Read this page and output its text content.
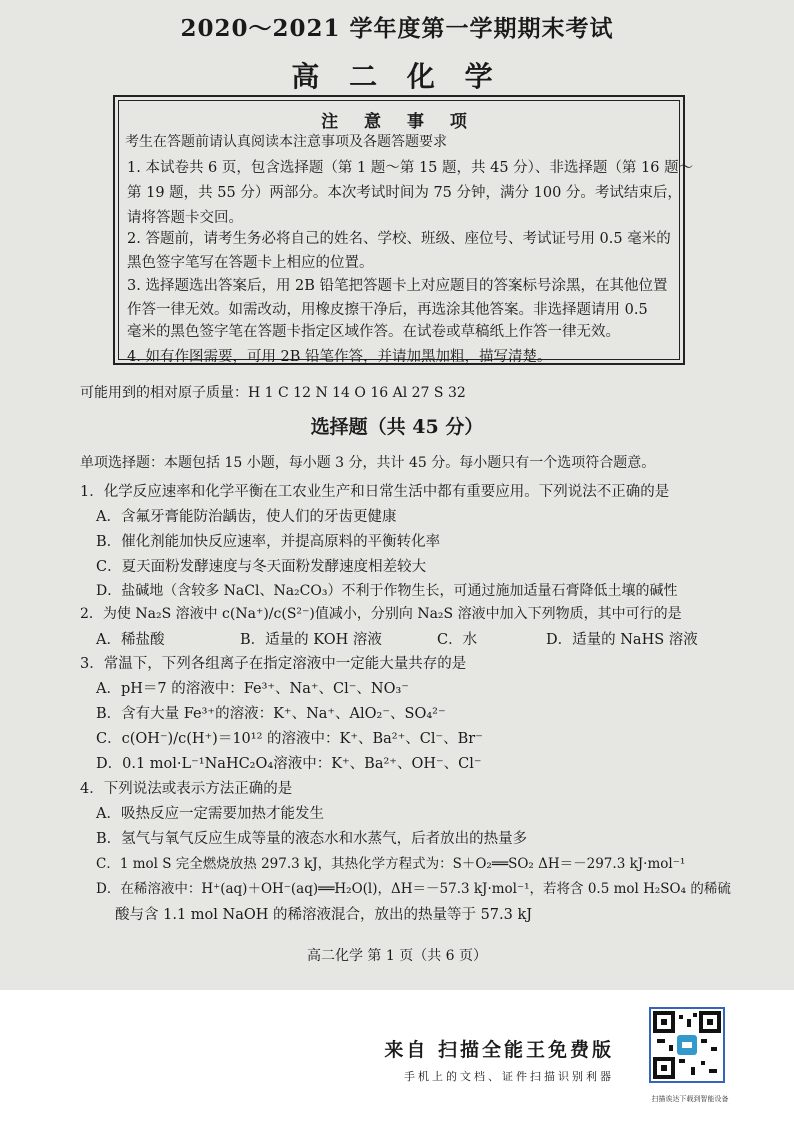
2020～2021 学年度第一学期期末考试
高 二 化 学
注 意 事 项
考生在答题前请认真阅读本注意事项及各题答题要求
1. 本试卷共 6 页，包含选择题（第 1 题～第 15 题，共 45 分）、非选择题（第 16 题～
第 19 题，共 55 分）两部分。本次考试时间为 75 分钟，满分 100 分。考试结束后，
请将答题卡交回。
2. 答题前，请考生务必将自己的姓名、学校、班级、座位号、考试证号用 0.5 毫米的
黑色签字笔写在答题卡上相应的位置。
3. 选择题选出答案后，用 2B 铅笔把答题卡上对应题目的答案标号涂黑，在其他位置
作答一律无效。如需改动，用橡皮擦干净后，再选涂其他答案。非选择题请用 0.5
毫米的黑色签字笔在答题卡指定区域作答。在试卷或草稿纸上作答一律无效。
4. 如有作图需要，可用 2B 铅笔作答，并请加黑加粗，描写清楚。
可能用到的相对原子质量：H 1 C 12 N 14 O 16 Al 27 S 32
选择题（共 45 分）
单项选择题：本题包括 15 小题，每小题 3 分，共计 45 分。每小题只有一个选项符合题意。
1．化学反应速率和化学平衡在工农业生产和日常生活中都有重要应用。下列说法不正确的是
A．含氟牙膏能防治龋齿，使人们的牙齿更健康
B．催化剂能加快反应速率，并提高原料的平衡转化率
C．夏天面粉发酵速度与冬天面粉发酵速度相差较大
D．盐碱地（含较多 NaCl、Na₂CO₃）不利于作物生长，可通过施加适量石膏降低土壤的碱性
2．为使 Na₂S 溶液中 c(Na⁺)/c(S²⁻)值减小，分别向 Na₂S 溶液中加入下列物质，其中可行的是
A．稀盐酸	B．适量的 KOH 溶液	C．水	D．适量的 NaHS 溶液
3．常温下，下列各组离子在指定溶液中一定能大量共存的是
A．pH＝7 的溶液中：Fe³⁺、Na⁺、Cl⁻、NO₃⁻
B．含有大量 Fe³⁺的溶液：K⁺、Na⁺、AlO₂⁻、SO₄²⁻
C．c(OH⁻)/c(H⁺)＝10¹² 的溶液中：K⁺、Ba²⁺、Cl⁻、Br⁻
D．0.1 mol·L⁻¹NaHC₂O₄溶液中：K⁺、Ba²⁺、OH⁻、Cl⁻
4．下列说法或表示方法正确的是
A．吸热反应一定需要加热才能发生
B．氢气与氧气反应生成等量的液态水和水蒸气，后者放出的热量多
C．1 mol S 完全燃烧放热 297.3 kJ，其热化学方程式为：S＋O₂══SO₂ ΔH＝－297.3 kJ·mol⁻¹
D．在稀溶液中：H⁺(aq)＋OH⁻(aq)══H₂O(l)，ΔH＝－57.3 kJ·mol⁻¹，若将含 0.5 mol H₂SO₄ 的稀硫
酸与含 1.1 mol NaOH 的稀溶液混合，放出的热量等于 57.3 kJ
高二化学 第 1 页（共 6 页）
来自 扫描全能王免费版
手机上的文档、证件扫描识别利器
扫描诶达下载到智能设备
